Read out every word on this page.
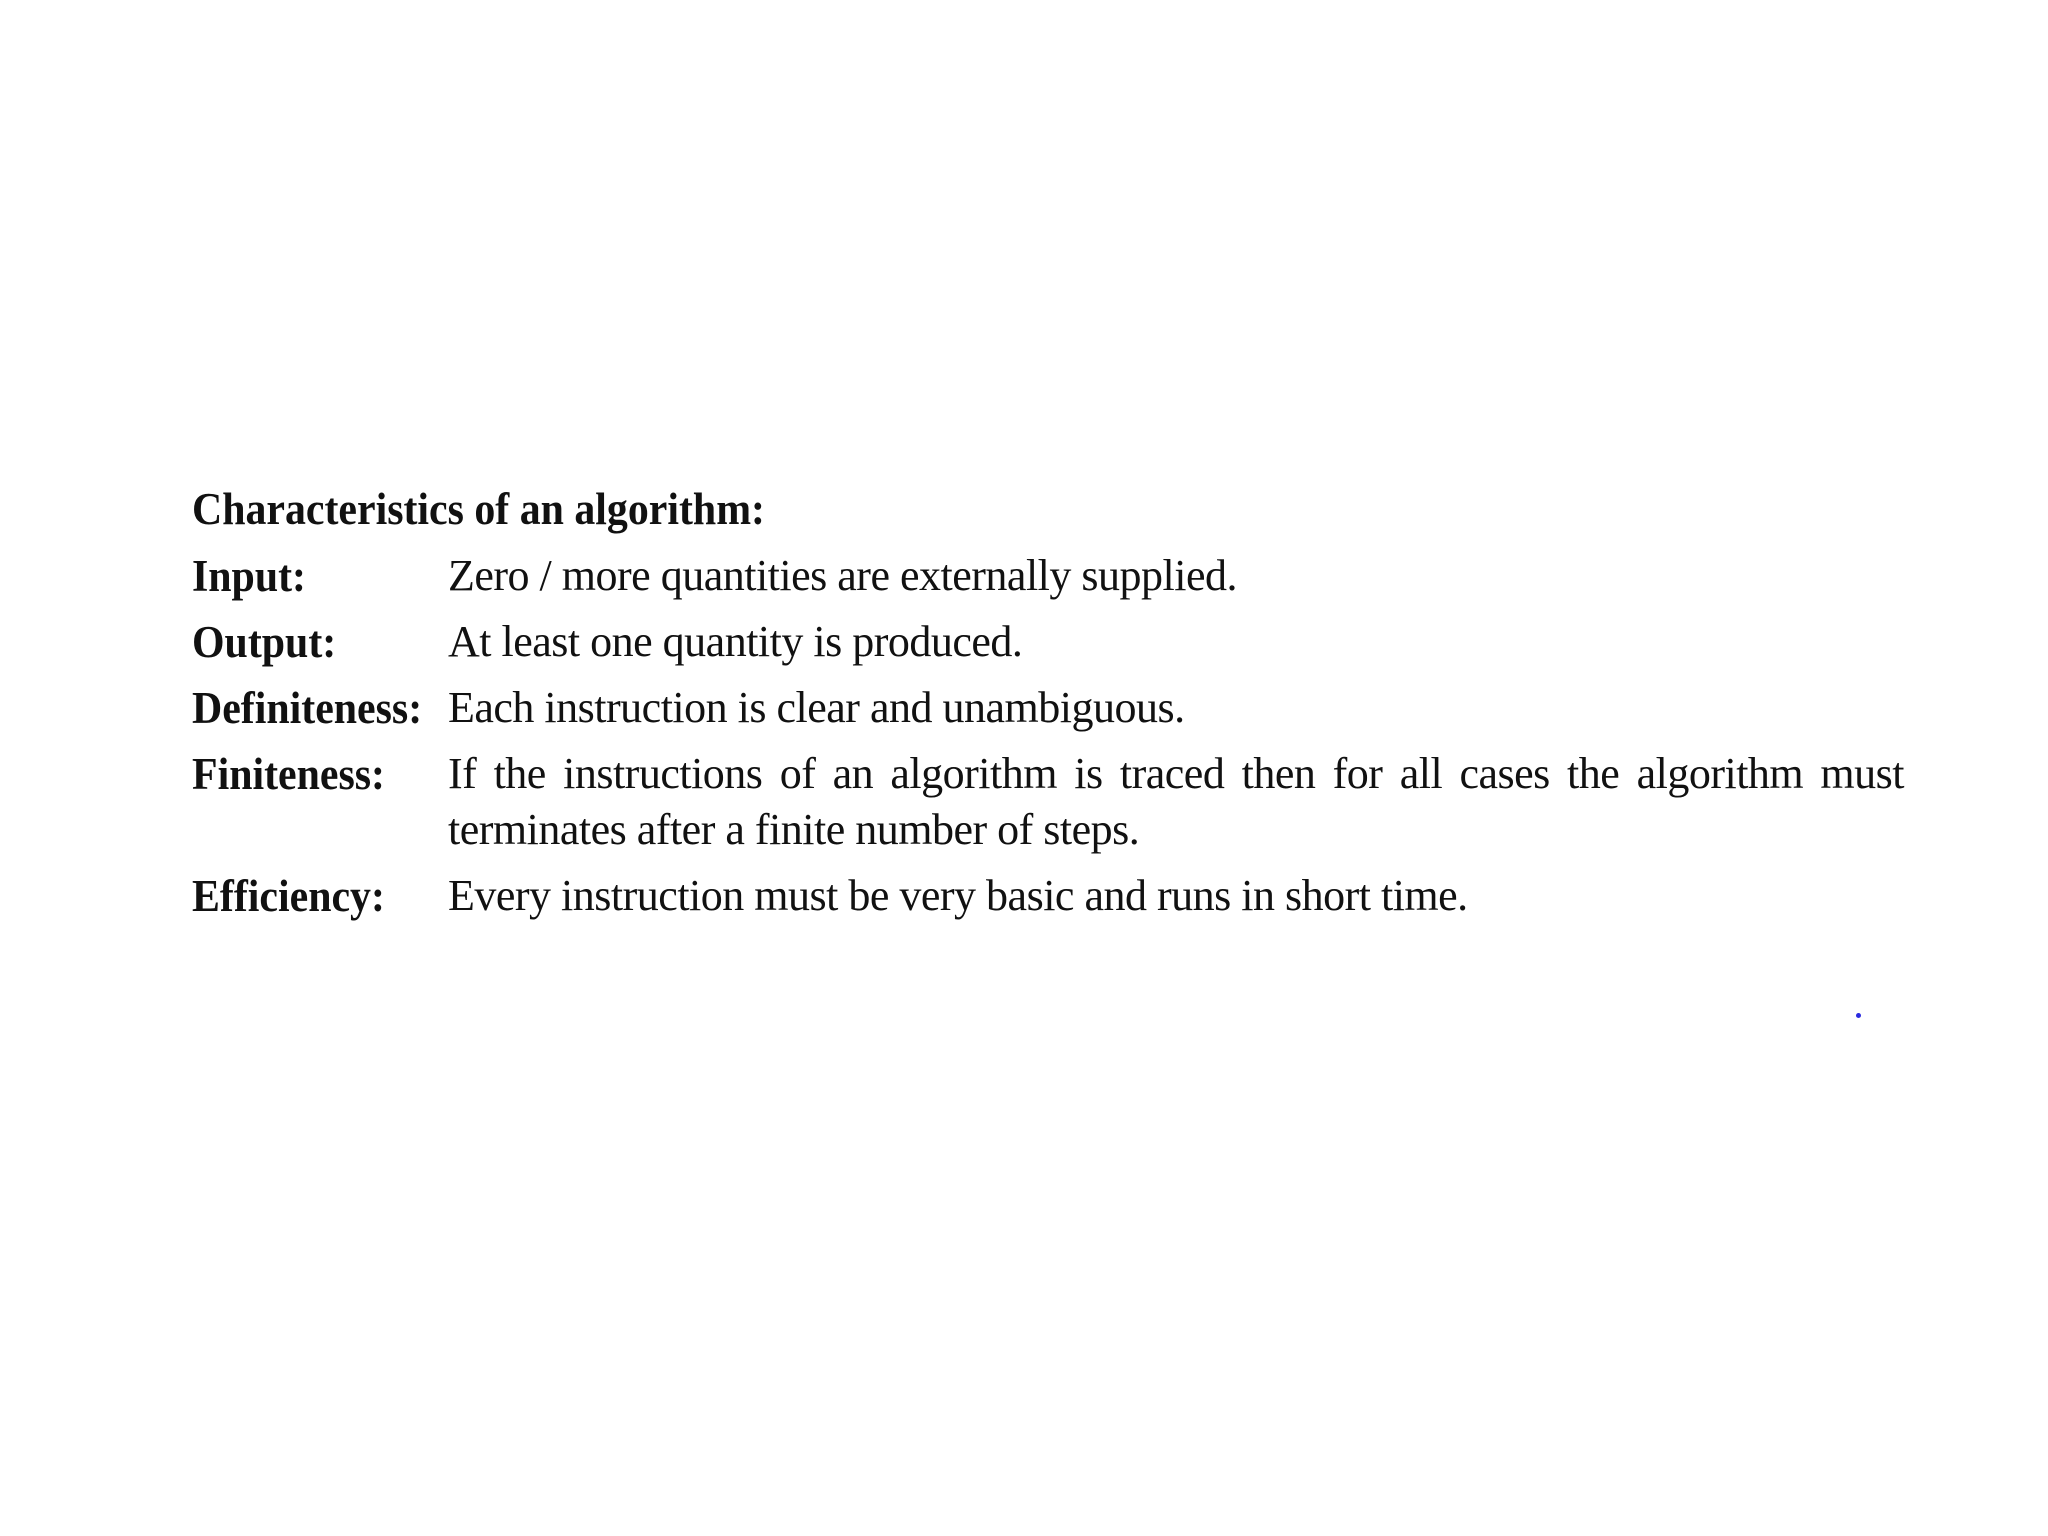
Characteristics of an algorithm:
Input:	Zero / more quantities are externally supplied.
Output:	At least one quantity is produced.
Definiteness: Each instruction is clear and unambiguous.
Finiteness:	If the instructions of an algorithm is traced then for all cases the algorithm must terminates after a finite number of steps.
Efficiency:	Every instruction must be very basic and runs in short time.
